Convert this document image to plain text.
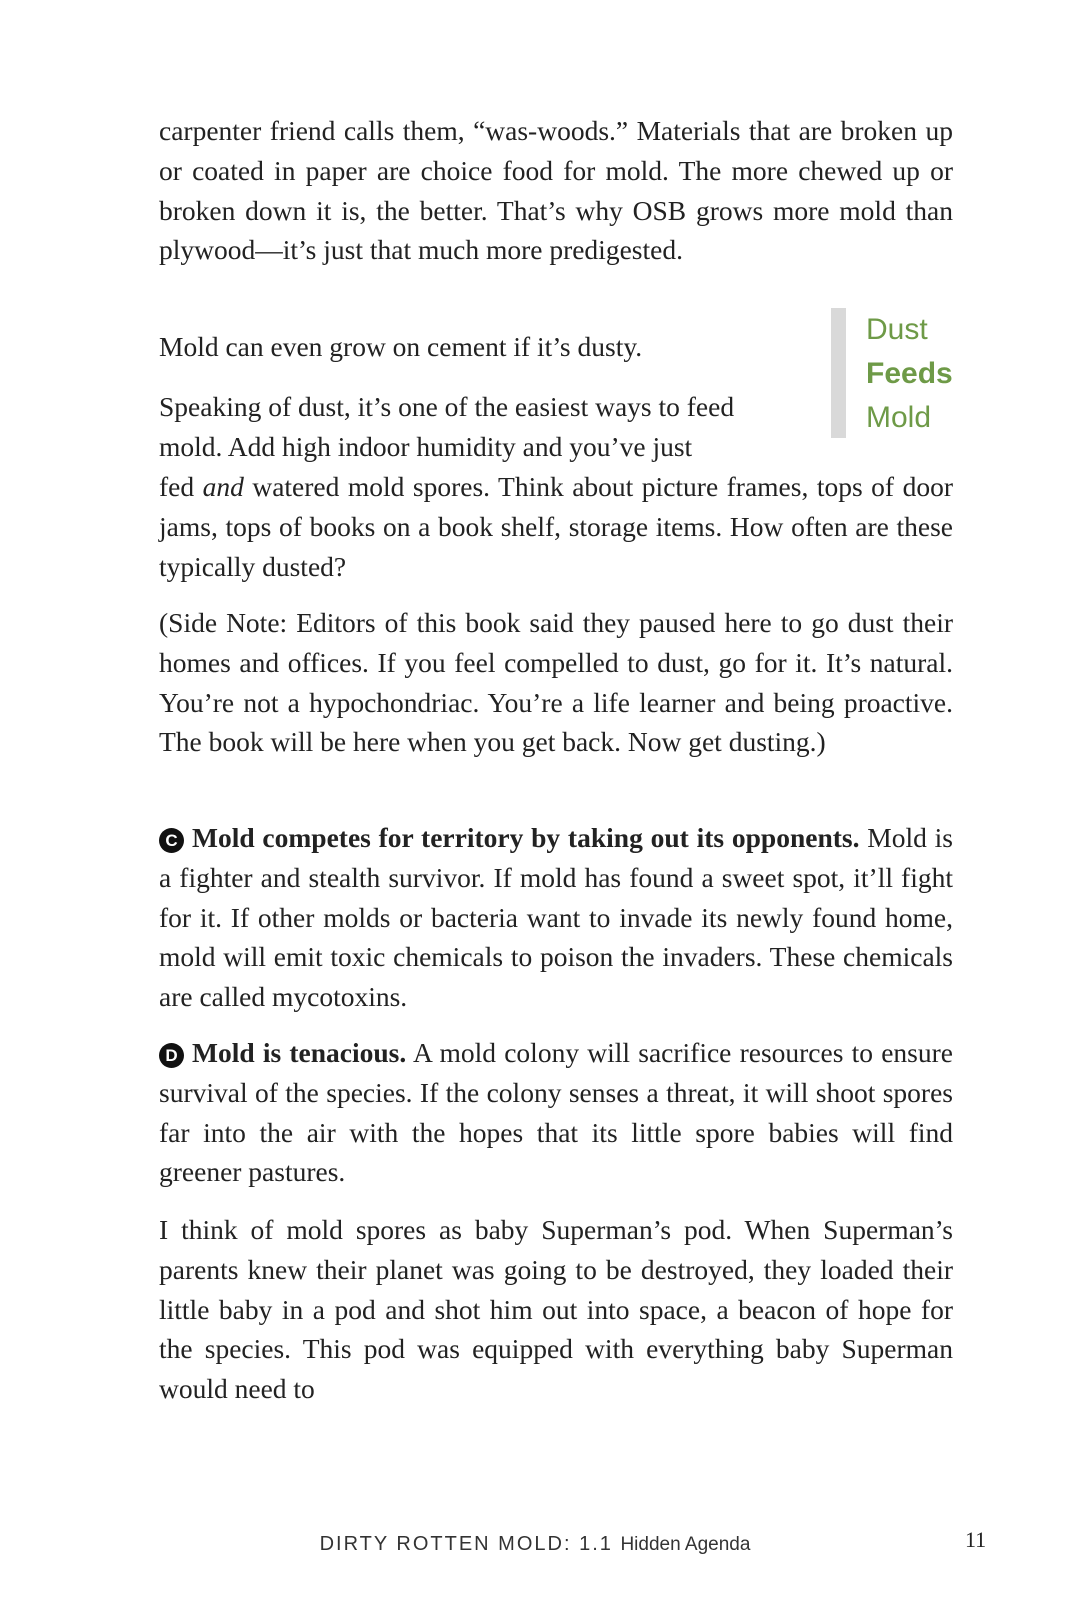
carpenter friend calls them, “was-woods.” Materials that are broken up or coated in paper are choice food for mold. The more chewed up or broken down it is, the better. That’s why OSB grows more mold than plywood—it’s just that much more predigested.

Mold can even grow on cement if it’s dusty.

Dust
Feeds
Mold
Speaking of dust, it’s one of the easiest ways to feed
mold. Add high indoor humidity and you’ve just

fed and watered mold spores. Think about picture frames, tops of door jams, tops of books on a book shelf, storage items. How often are these typically dusted?

(Side Note: Editors of this book said they paused here to go dust their homes and offices. If you feel compelled to dust, go for it. It’s natural. You’re not a hypochondriac. You’re a life learner and being proactive. The book will be here when you get back. Now get dusting.)

C Mold competes for territory by taking out its opponents. Mold is a fighter and stealth survivor. If mold has found a sweet spot, it’ll fight for it. If other molds or bacteria want to invade its newly found home, mold will emit toxic chemicals to poison the invaders. These chemicals are called mycotoxins.

D Mold is tenacious. A mold colony will sacrifice resources to ensure survival of the species. If the colony senses a threat, it will shoot spores far into the air with the hopes that its little spore babies will find greener pastures.

I think of mold spores as baby Superman’s pod. When Superman’s parents knew their planet was going to be destroyed, they loaded their little baby in a pod and shot him out into space, a beacon of hope for the species. This pod was equipped with everything baby Superman would need to

DIRTY ROTTEN MOLD: 1.1 Hidden Agenda	11
